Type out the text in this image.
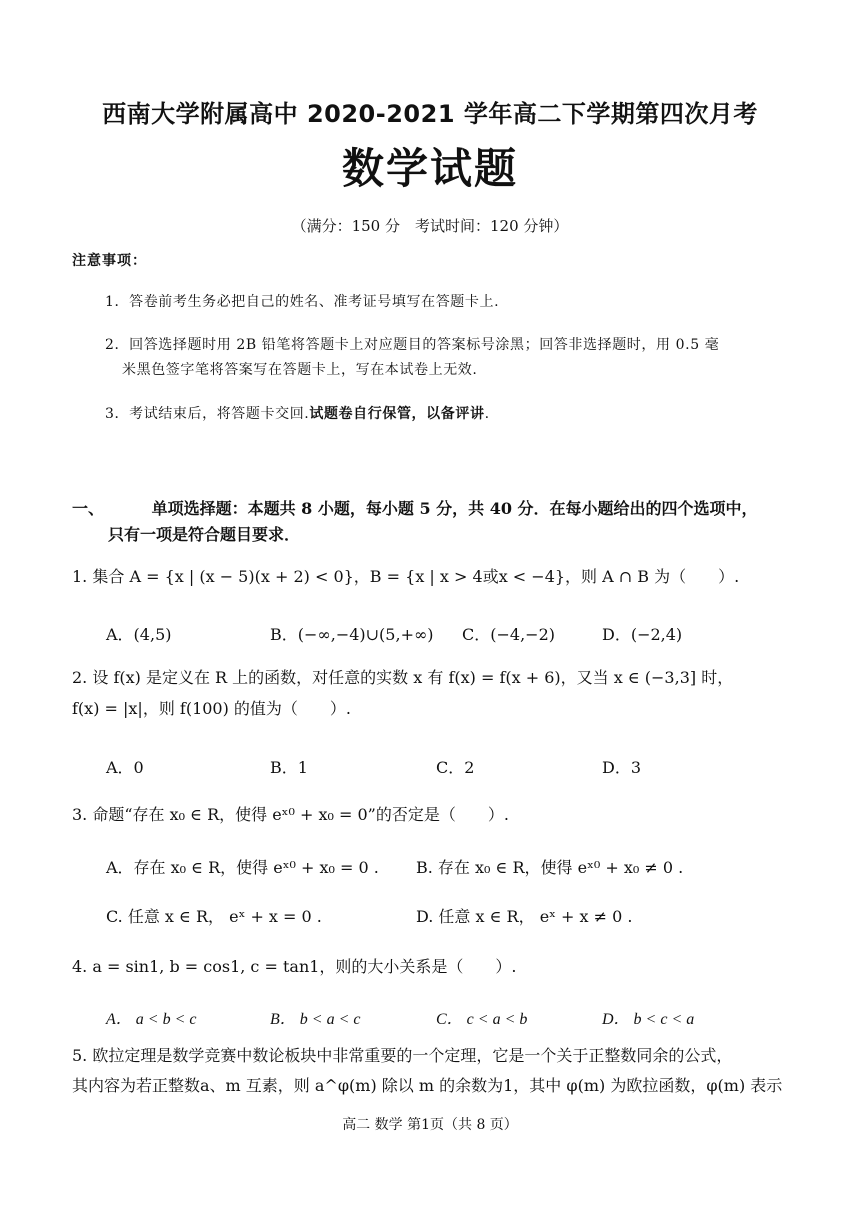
西南大学附属高中 2020-2021 学年高二下学期第四次月考
数学试题
（满分：150 分　考试时间：120 分钟）
注意事项：
1．答卷前考生务必把自己的姓名、准考证号填写在答题卡上.
2．回答选择题时用 2B 铅笔将答题卡上对应题目的答案标号涂黑；回答非选择题时，用 0.5 毫
米黑色签字笔将答案写在答题卡上，写在本试卷上无效.
3．考试结束后，将答题卡交回.试题卷自行保管，以备评讲.
一、	单项选择题：本题共 8 小题，每小题 5 分，共 40 分．在每小题给出的四个选项中，
只有一项是符合题目要求．
1. 集合 A = {x | (x − 5)(x + 2) < 0}，B = {x | x > 4或x < −4}，则 A ∩ B 为（　　）.
A．(4,5)	B．(−∞,−4)∪(5,+∞) C．(−4,−2)	D．(−2,4)
2. 设 f(x) 是定义在 R 上的函数，对任意的实数 x 有 f(x) = f(x + 6)，又当 x ∈ (−3,3] 时，
f(x) = |x|，则 f(100) 的值为（　　）.
A．0	B．1	C．2	D．3
3. 命题“存在 x₀ ∈ R，使得 eˣ⁰ + x₀ = 0”的否定是（　　）.
A．存在 x₀ ∈ R，使得 eˣ⁰ + x₀ = 0 . B. 存在 x₀ ∈ R，使得 eˣ⁰ + x₀ ≠ 0 .
C. 任意 x ∈ R， eˣ + x = 0 .	D. 任意 x ∈ R， eˣ + x ≠ 0 .
4. a = sin1, b = cos1, c = tan1，则的大小关系是（　　）.
A． a < b < c	B． b < a < c	C． c < a < b	D． b < c < a
5. 欧拉定理是数学竞赛中数论板块中非常重要的一个定理，它是一个关于正整数同余的公式，
其内容为若正整数a、m 互素，则 a^φ(m) 除以 m 的余数为1，其中 φ(m) 为欧拉函数，φ(m) 表示
高二 数学 第1页（共 8 页）
